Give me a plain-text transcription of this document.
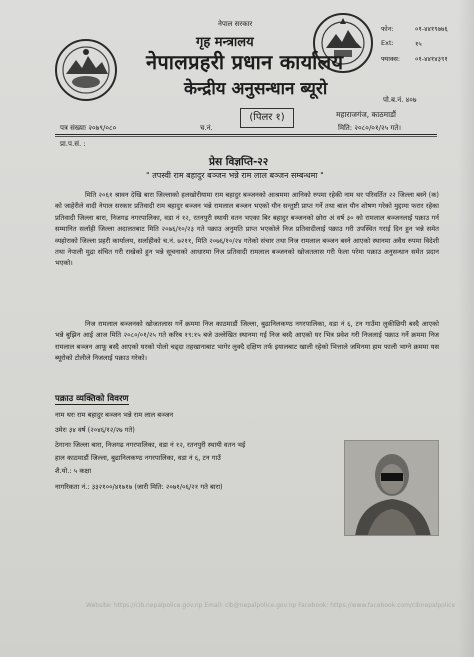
नेपाल सरकार
गृह मन्त्रालय
नेपालप्रहरी प्रधान कार्यालय
केन्द्रीय अनुसन्धान ब्यूरो
फोन:	०१-४४१९७७६
Ext:	१५
फ्याक्स: ०१-४४१४३९१
पो.ब.नं. ४०७
(पिलर १)	महाराजगंज, काठमाडौं
पत्र संख्याः २०७९/०८०	च.नं.	मिति: २०८०/०१/२५ गते।
प्रा.प.सं. :
प्रेस विज्ञप्ति-२२
" तपस्वी राम बहादुर बञ्जन भन्ने राम लाल बञ्जन सम्बन्धमा "
मिति २०६१ श्रावन देखि बारा जिल्लाको हलखोरीयामा राम बहादुर बञ्जनको आश्रममा आनिको रुपमा रहेकी नाम थर परिवर्तित २२ जिल्ला बस्ने (क) को जाहेरीले वादी नेपाल सरकार प्रतिवादी राम बहादुर बञ्जन भन्ने रामलाल बञ्जन भएको यौन सन्तुष्टी प्राप्त गर्ने तथा बाल यौन शोषण गरेको मुद्दामा फरार रहेका प्रतिवादी जिल्ला बारा, निजगढ नगरपालिका, वडा नं १२, रतनपुरी स्थायी वतन भएका बिर बहादुर बञ्जनको छोरा अं वर्ष ३० को रामलाल बञ्जनलाई पक्राउ गर्न सम्मानित सर्लाही जिल्ला अदालतबाट मिति २०७६/१०/२३ गते पक्राउ अनुमति प्राप्त भएकोले निज प्रतिवादीलाई पक्राउ गरी उपस्थित गराई दिन हुन भन्ने समेत व्यहोराको जिल्ला प्रहरी कार्यालय, सर्लाहीको च.नं. ७२११, मिति २०७६/१०/२४ गतेको संचार तथा निज रामलाल बञ्जन बस्ने आएको स्थानमा अवैध रुपमा विदेशी तथा नेपाली मुद्रा संचित गरी राखेको हुन भन्ने सूचनाको आधारमा निज प्रतिवादी रामलाल बञ्जनको खोजतलास गरी फेला परेमा पक्राउ अनुसन्धान समेत प्रदान भएको।
निज रामलाल बञ्जनको खोजतलास गर्ने क्रममा निज काठमाडौं जिल्ला, बुढानिलकण्ठ नगरपालिका, वडा नं ६, टन गाउँमा लुकीछिपी बस्दै आएको भन्ने बुझिन आई आज मिति २०८०/०१/२५ गते करिब १९:१५ बजे उल्लेखित स्थानमा गई निज बस्दै आएको घर भित्र प्रवेश गरी निजलाई पक्राउ गर्ने क्रममा निज रामलाल बञ्जन आफू बस्दै आएको घरको पोलो चढ्दा तहखानाबाट भागेर लुक्दै दक्षिण तर्फ इयालबाट खाली रहेको भित्ताले जमिनमा हाम फाली भाग्ने क्रममा यस ब्यूरोको टोलीले निजलाई पक्राउ गरेको।
पक्राउ व्यक्तिको विवरण
नाम थरः राम बहादुर बञ्जन भन्ने राम लाल बञ्जन
उमेरः ३४ वर्ष (२०४६/१२/२७ गते)
ठेगानाः जिल्ला बारा, निजगढ नगरपालिका, वडा नं १२, रतनपुरी स्थायी वतन भई
हाल काठमाडौं जिल्ला, बुढानिलकण्ठ नगरपालिका, वडा नं ६, टन गाउँ
शै.यो.: ५ कक्षा
नागरिकता नं.: ३३२१००/४१७१७ (जारी मिति: २०७१/०६/२१ गते बारा)
Website: https://cib.nepalpolice.gov.np Email: cib@nepalpolice.gov.np Facebook: https://www.facebook.com/cibnepalpolice
